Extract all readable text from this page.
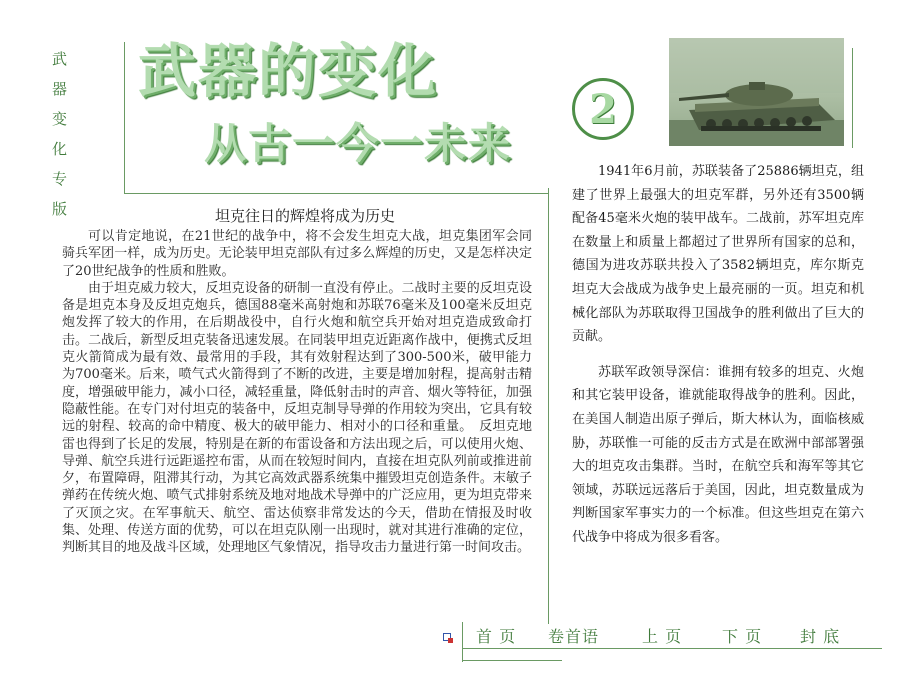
武 器
变 化
专 版
武器的变化
从古一今一未来
2
坦克往日的辉煌将成为历史

可以肯定地说，在21世纪的战争中，将不会发生坦克大战，坦克集团军会同骑兵军团一样，成为历史。无论装甲坦克部队有过多么辉煌的历史，又是怎样决定了20世纪战争的性质和胜败。

由于坦克威力较大，反坦克设备的研制一直没有停止。二战时主要的反坦克设备是坦克本身及反坦克炮兵，德国88毫米高射炮和苏联76毫米及100毫米反坦克炮发挥了较大的作用，在后期战役中，自行火炮和航空兵开始对坦克造成致命打击。二战后，新型反坦克装备迅速发展。在同装甲坦克近距离作战中，便携式反坦克火箭简成为最有效、最常用的手段，其有效射程达到了300-500米，破甲能力为700毫米。后来，喷气式火箭得到了不断的改进，主要是增加射程，提高射击精度，增强破甲能力，减小口径，减轻重量，降低射击时的声音、烟火等特征，加强隐蔽性能。在专门对付坦克的装备中，反坦克制导导弹的作用较为突出，它具有较远的射程、较高的命中精度、极大的破甲能力、相对小的口径和重量。　反坦克地雷也得到了长足的发展，特别是在新的布雷设备和方法出现之后，可以使用火炮、导弹、航空兵进行远距遥控布雷，从而在较短时间内，直接在坦克队列前或推进前夕，布置障碍，阻滞其行动，为其它高效武器系统集中摧毁坦克创造条件。末敏子弹药在传统火炮、喷气式排射系统及地对地战术导弹中的广泛应用，更为坦克带来了灭顶之灾。在军事航天、航空、雷达侦察非常发达的今天，借助在情报及时收集、处理、传送方面的优势，可以在坦克队刚一出现时，就对其进行准确的定位，判断其目的地及战斗区域，处理地区气象情况，指导攻击力量进行第一时间攻击。

1941年6月前，苏联装备了25886辆坦克，组建了世界上最强大的坦克军群，另外还有3500辆配备45毫米火炮的装甲战车。二战前，苏军坦克库在数量上和质量上都超过了世界所有国家的总和，德国为进攻苏联共投入了3582辆坦克，库尔斯克坦克大会战成为战争史上最亮丽的一页。坦克和机械化部队为苏联取得卫国战争的胜利做出了巨大的贡献。

苏联军政领导深信：谁拥有较多的坦克、火炮和其它装甲设备，谁就能取得战争的胜利。因此，在美国人制造出原子弹后，斯大林认为，面临核威胁，苏联惟一可能的反击方式是在欧洲中部部署强大的坦克攻击集群。当时，在航空兵和海军等其它领域，苏联远远落后于美国，因此，坦克数量成为判断国家军事实力的一个标准。但这些坦克在第六代战争中将成为很多看客。

首 页 卷首语	上 页 下 页 封 底
